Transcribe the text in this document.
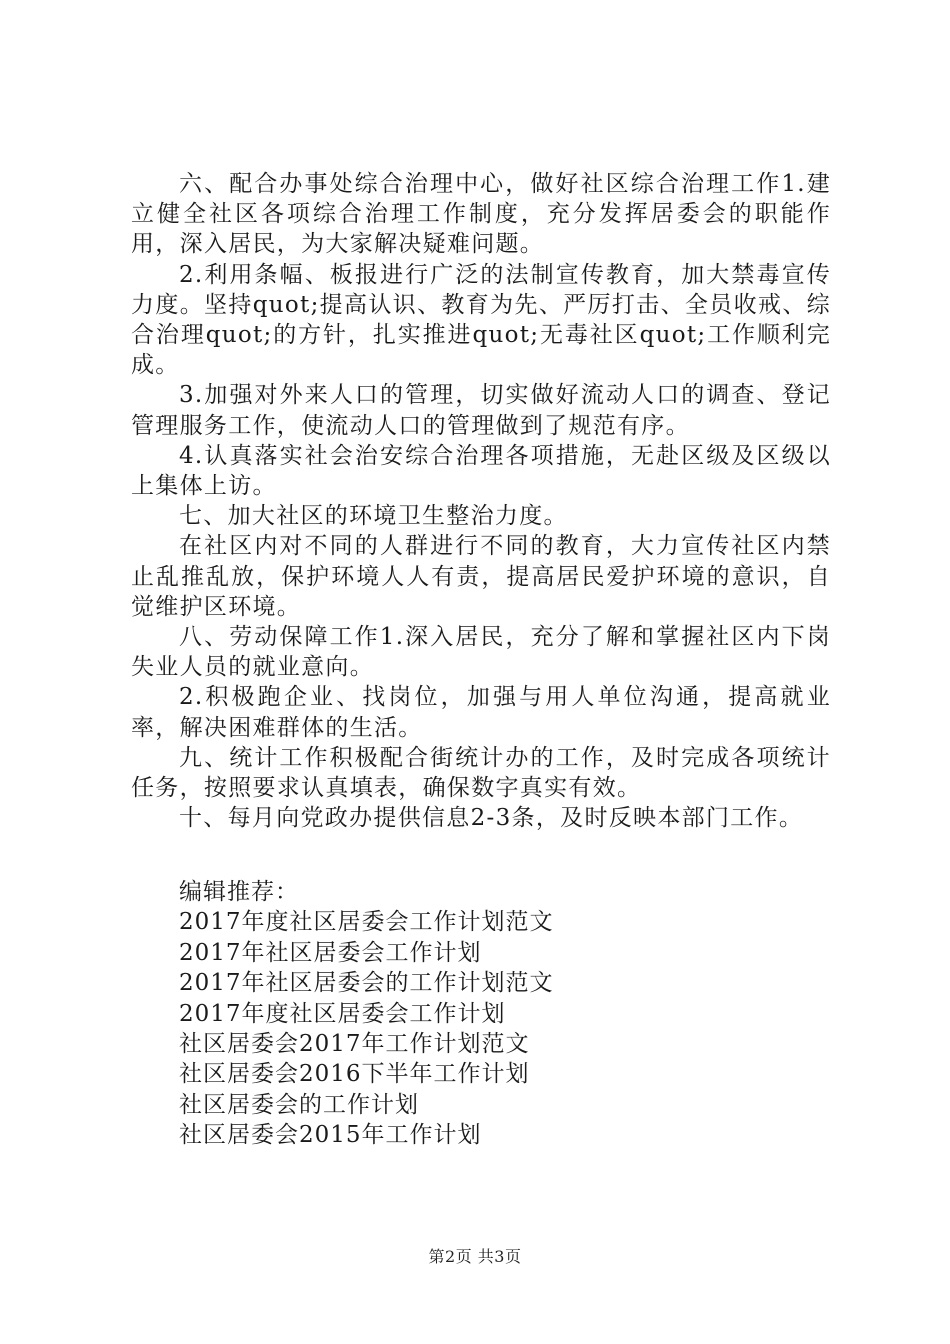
六、配合办事处综合治理中心，做好社区综合治理工作1.建立健全社区各项综合治理工作制度，充分发挥居委会的职能作用，深入居民，为大家解决疑难问题。

2.利用条幅、板报进行广泛的法制宣传教育，加大禁毒宣传力度。坚持quot;提高认识、教育为先、严厉打击、全员收戒、综合治理quot;的方针，扎实推进quot;无毒社区quot;工作顺利完成。

3.加强对外来人口的管理，切实做好流动人口的调查、登记管理服务工作，使流动人口的管理做到了规范有序。

4.认真落实社会治安综合治理各项措施，无赴区级及区级以上集体上访。

七、加大社区的环境卫生整治力度。

在社区内对不同的人群进行不同的教育，大力宣传社区内禁止乱推乱放，保护环境人人有责，提高居民爱护环境的意识，自觉维护区环境。

八、劳动保障工作1.深入居民，充分了解和掌握社区内下岗失业人员的就业意向。

2.积极跑企业、找岗位，加强与用人单位沟通，提高就业率，解决困难群体的生活。

九、统计工作积极配合街统计办的工作，及时完成各项统计任务，按照要求认真填表，确保数字真实有效。

十、每月向党政办提供信息2-3条，及时反映本部门工作。

编辑推荐：

2017年度社区居委会工作计划范文
2017年社区居委会工作计划
2017年社区居委会的工作计划范文
2017年度社区居委会工作计划
社区居委会2017年工作计划范文
社区居委会2016下半年工作计划
社区居委会的工作计划
社区居委会2015年工作计划
第2页 共3页
